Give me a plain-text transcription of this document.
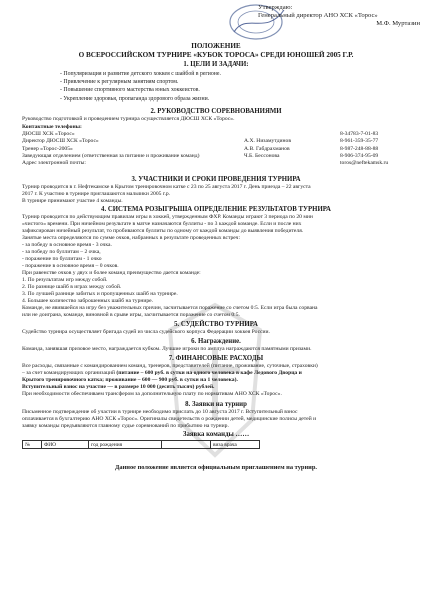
Утверждаю:
Генеральный директор АНО ХСК «Торос»
М.Ф. Муртазин
ПОЛОЖЕНИЕ
О ВСЕРОССИЙСКОМ ТУРНИРЕ «КУБОК ТОРОСА» СРЕДИ ЮНОШЕЙ 2005 Г.Р.
1. ЦЕЛИ И ЗАДАЧИ:
- Популяризация и развитие детского хоккея с шайбой в регионе.
- Привлечение к регулярным занятиям спортом.
- Повышение спортивного мастерства юных хоккеистов.
- Укрепление здоровья, пропаганда здорового образа жизни.
2. РУКОВОДСТВО СОРЕВНОВАНИЯМИ
Руководство подготовкой и проведением турнира осуществляется ДЮСШ ХСК «Торос».
Контактные телефоны:
ДЮСШ ХСК «Торос»	8-34783-7-01-83
Директор ДЮСШ ХСК «Торос»	А.Х. Низамутдинов	8-961-359-35-77
Тренер «Торос-2005»	А.В. Габдрахманов	8-987-248-88-88
Заведующая отделением (ответственная за питание и проживание команд)	Ч.Б. Бессонова	8-906-374-95-09
Адрес электронной почты:	toros@neftekamsk.ru
3. УЧАСТНИКИ И СРОКИ ПРОВЕДЕНИЯ ТУРНИРА
Турнир проводится в г. Нефтекамске в Крытом тренировочном катке с 23 по 25 августа 2017 г. День приезда – 22 августа
2017 г. К участию в турнире приглашаются мальчики 2005 г.р.
В турнире принимают участие 4 команды.
4. СИСТЕМА РОЗЫГРЫША ОПРЕДЕЛЕНИЕ РЕЗУЛЬТАТОВ ТУРНИРА
Турнир проводится по действующим правилам игры в хоккей, утвержденным ФХР. Команды играют 3 периода по 20 мин
«чистого» времени. При ничейном результате в матче назначаются буллиты - по 3 каждой команде. Если и после них
зафиксирован ничейный результат, то пробиваются буллиты по одному от каждой команды до выявления победителя.
Занятые места определяются по сумме очков, набранных в результате проведенных встреч:
- за победу в основное время - 3 очка.
- за победу по буллитам – 2 очка,
- поражение по буллитам - 1 очко
- поражение в основное время – 0 очков.
При равенстве очков у двух и более команд преимущество дается команде:
1. По результатам игр между собой.
2. По разнице шайб в играх между собой.
3. По лучшей разнице забитых и пропущенных шайб на турнире.
4. Большее количество заброшенных шайб на турнире.
Команде, не явившейся на игру без уважительных причин, засчитывается поражение со счетом 0:5. Если игра была сорвана
или не доиграна, команде, виновной в срыве игры, засчитывается поражение со счетом 0:5.
5. СУДЕЙСТВО ТУРНИРА
Судейство турнира осуществляет бригада судей из числа судейского корпуса Федерации хоккея России.
6. Награждение.
Команда, занявшая призовое место, награждается кубком. Лучшие игроки по амплуа награждаются памятными призами.
7. ФИНАНСОВЫЕ РАСХОДЫ
Все расходы, связанные с командированием команд, тренеров, представителей (питание, проживание, суточные, страховки)
– за счет командирующих организаций (питание – 600 руб. в сутки на одного человека в кафе Ледового Дворца и
Крытого тренировочного катка; проживание – 600 — 900 руб. в сутки на 1 человека).
Вступительный взнос на участие — в размере 10 000 (десять тысяч) рублей.
При необходимости обеспечиваем трансфером за дополнительную плату по нормативам АНО ХСК «Торос».
8. Заявки на турнир
Письменное подтверждение об участии в турнире необходимо прислать до 10 августа 2017 г. Вступительный взнос
оплачивается в бухгалтерию АНО ХСК «Торос». Оригиналы свидетельств о рождении детей, медицинские полисы детей и
заявку команды предъявляются главному судье соревнований по прибытию на турнир.
Заявка команды ……
№	ФИО	год рождения		виза врача
Данное положение является официальным приглашением на турнир.
